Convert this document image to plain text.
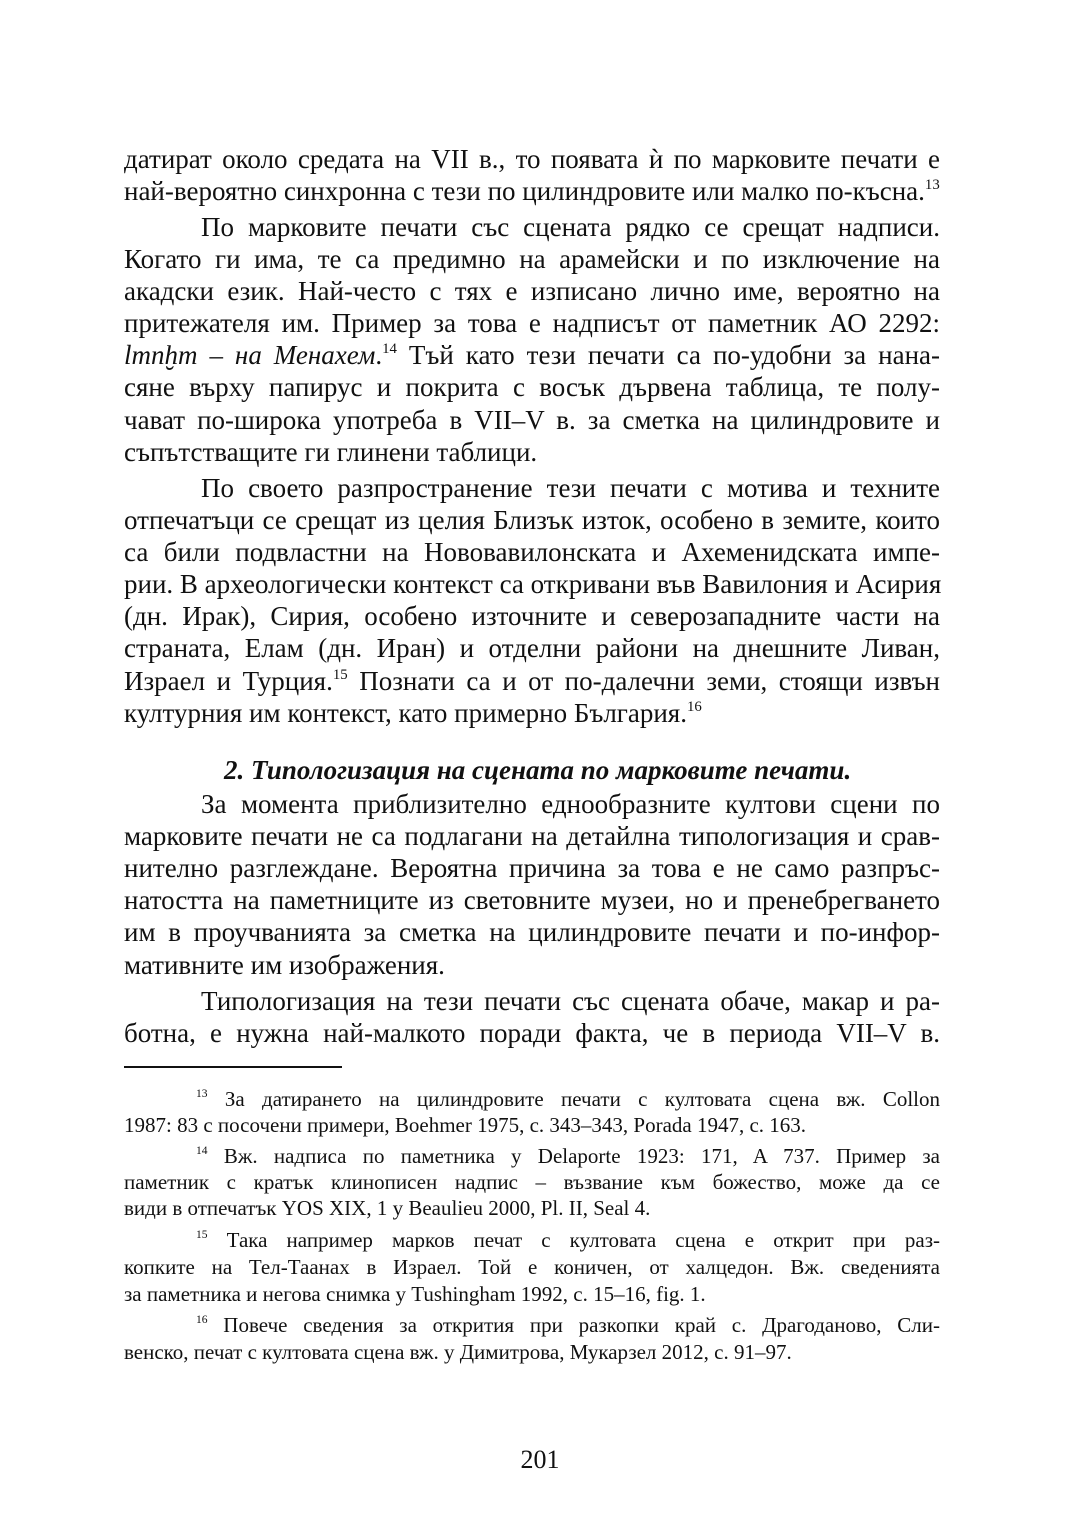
датират около средата на VII в., то появата ѝ по марковите печати е
най-вероятно синхронна с тези по цилиндровите или малко по-късна.$^{13}$
По марковите печати със сцената рядко се срещат надписи.
Когато ги има, те са предимно на арамейски и по изключение на
акадски език. Най-често с тях е изписано лично име, вероятно на
притежателя им. Пример за това е надписът от паметник АО 2292:
lmnḫm – на Менахем.$^{14}$ Тъй като тези печати са по-удобни за нана-
сяне върху папирус и покрита с восък дървена таблица, те полу-
чават по-широка употреба в VII–V в. за сметка на цилиндровите и
съпътстващите ги глинени таблици.
По своето разпространение тези печати с мотива и техните
отпечатъци се срещат из целия Близък изток, особено в земите, които
са били подвластни на Нововавилонската и Ахеменидската импе-
рии. В археологически контекст са откривани във Вавилония и Асирия
(дн. Ирак), Сирия, особено източните и северозападните части на
страната, Елам (дн. Иран) и отделни райони на днешните Ливан,
Израел и Турция.$^{15}$ Познати са и от по-далечни земи, стоящи извън
културния им контекст, като примерно България.$^{16}$
2. Типологизация на сцената по марковите печати.
За момента приблизително еднообразните култови сцени по
марковите печати не са подлагани на детайлна типологизация и срав-
нително разглеждане. Вероятна причина за това е не само разпръс-
натостта на паметниците из световните музеи, но и пренебрегването
им в проучванията за сметка на цилиндровите печати и по-инфор-
мативните им изображения.
Типологизация на тези печати със сцената обаче, макар и ра-
ботна, е нужна най-малкото поради факта, че в периода VII–V в.
$^{13}$ За датирането на цилиндровите печати с култовата сцена вж. Collon
1987: 83 с посочени примери, Boehmer 1975, с. 343–343, Porada 1947, с. 163.
$^{14}$ Вж. надписа по паметника у Delaporte 1923: 171, A 737. Пример за
паметник с кратък клинописен надпис – възвание към божество, може да се
види в отпечатък YOS XIX, 1 у Beaulieu 2000, Pl. II, Seal 4.
$^{15}$ Така например марков печат с култовата сцена е открит при раз-
копките на Тел-Таанах в Израел. Той е коничен, от халцедон. Вж. сведенията
за паметника и негова снимка у Tushingham 1992, с. 15–16, fig. 1.
$^{16}$ Повече сведения за открития при разкопки край с. Драгоданово, Сли-
венско, печат с култовата сцена вж. у Димитрова, Мукарзел 2012, с. 91–97.
201
